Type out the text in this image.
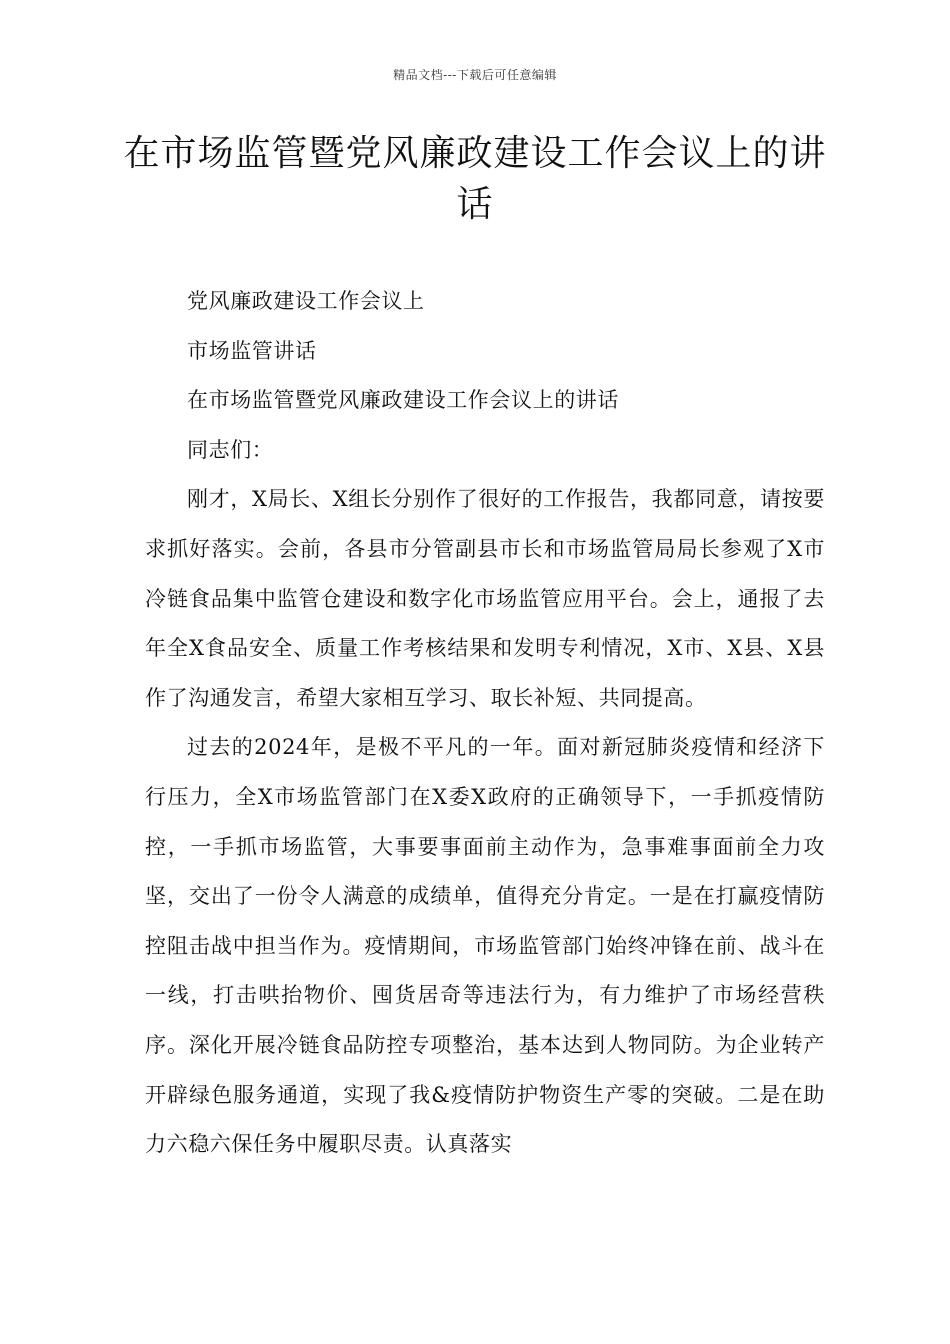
精品文档---下载后可任意编辑
在市场监管暨党风廉政建设工作会议上的讲话

党风廉政建设工作会议上

市场监管讲话

在市场监管暨党风廉政建设工作会议上的讲话

同志们：

刚才，X局长、X组长分别作了很好的工作报告，我都同意，请按要求抓好落实。会前，各县市分管副县市长和市场监管局局长参观了X市冷链食品集中监管仓建设和数字化市场监管应用平台。会上，通报了去年全X食品安全、质量工作考核结果和发明专利情况，X市、X县、X县作了沟通发言，希望大家相互学习、取长补短、共同提高。

过去的2024年，是极不平凡的一年。面对新冠肺炎疫情和经济下行压力，全X市场监管部门在X委X政府的正确领导下，一手抓疫情防控，一手抓市场监管，大事要事面前主动作为，急事难事面前全力攻坚，交出了一份令人满意的成绩单，值得充分肯定。一是在打赢疫情防控阻击战中担当作为。疫情期间，市场监管部门始终冲锋在前、战斗在一线，打击哄抬物价、囤货居奇等违法行为，有力维护了市场经营秩序。深化开展冷链食品防控专项整治，基本达到人物同防。为企业转产开辟绿色服务通道，实现了我&疫情防护物资生产零的突破。二是在助力六稳六保任务中履职尽责。认真落实
